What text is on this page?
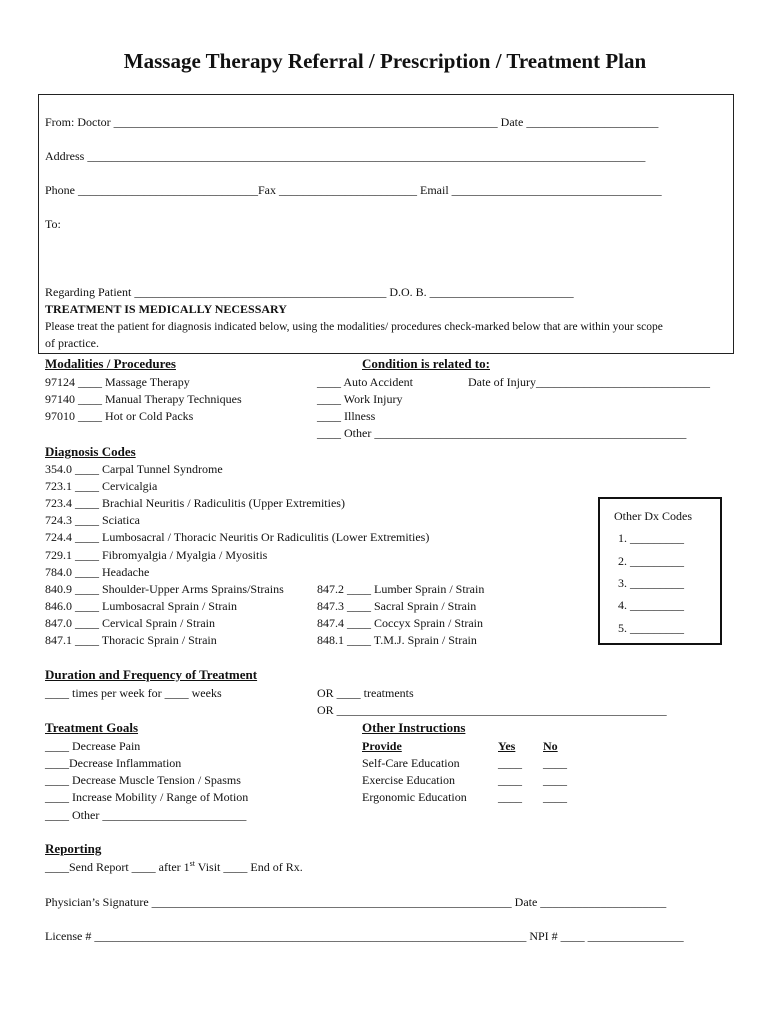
Massage Therapy Referral / Prescription / Treatment Plan
From: Doctor ________________________________________________________________ Date ______________________
Address _____________________________________________________________________________________________
Phone ______________________________Fax _______________________ Email ___________________________________
To:
Regarding Patient __________________________________________ D.O. B. ________________________
TREATMENT IS MEDICALLY NECESSARY
Please treat the patient for diagnosis indicated below, using the modalities/ procedures check-marked below that are within your scope
of practice.
Modalities / Procedures
97124 ____ Massage Therapy
97140 ____ Manual Therapy Techniques
97010 ____ Hot or Cold Packs
Condition is related to:
____ Auto Accident	Date of Injury_____________________________
____ Work Injury
____ Illness
____ Other ____________________________________________________
Diagnosis Codes
354.0 ____ Carpal Tunnel Syndrome
723.1 ____ Cervicalgia
723.4 ____ Brachial Neuritis / Radiculitis (Upper Extremities)
724.3 ____ Sciatica
724.4 ____ Lumbosacral / Thoracic Neuritis Or Radiculitis (Lower Extremities)
729.1 ____ Fibromyalgia / Myalgia / Myositis
784.0 ____ Headache
840.9 ____ Shoulder-Upper Arms Sprains/Strains
846.0 ____ Lumbosacral Sprain / Strain
847.0 ____ Cervical Sprain / Strain
847.1 ____ Thoracic Sprain / Strain
847.2 ____ Lumber Sprain / Strain
847.3 ____ Sacral Sprain / Strain
847.4 ____ Coccyx Sprain / Strain
848.1 ____ T.M.J. Sprain / Strain
Other Dx Codes
1. _________
2. _________
3. _________
4. _________
5. _________
Duration and Frequency of Treatment
____ times per week for ____ weeks	OR ____ treatments
OR _______________________________________________________
Treatment Goals
____ Decrease Pain
____Decrease Inflammation
____ Decrease Muscle Tension / Spasms
____ Increase Mobility / Range of Motion
____ Other ________________________
Other Instructions
Provide	Yes No
Self-Care Education	____ ____
Exercise Education	____ ____
Ergonomic Education	____ ____
Reporting
____Send Report ____ after 1st Visit ____ End of Rx.
Physician’s Signature ____________________________________________________________ Date _____________________
License # ________________________________________________________________________ NPI # ____ ________________
